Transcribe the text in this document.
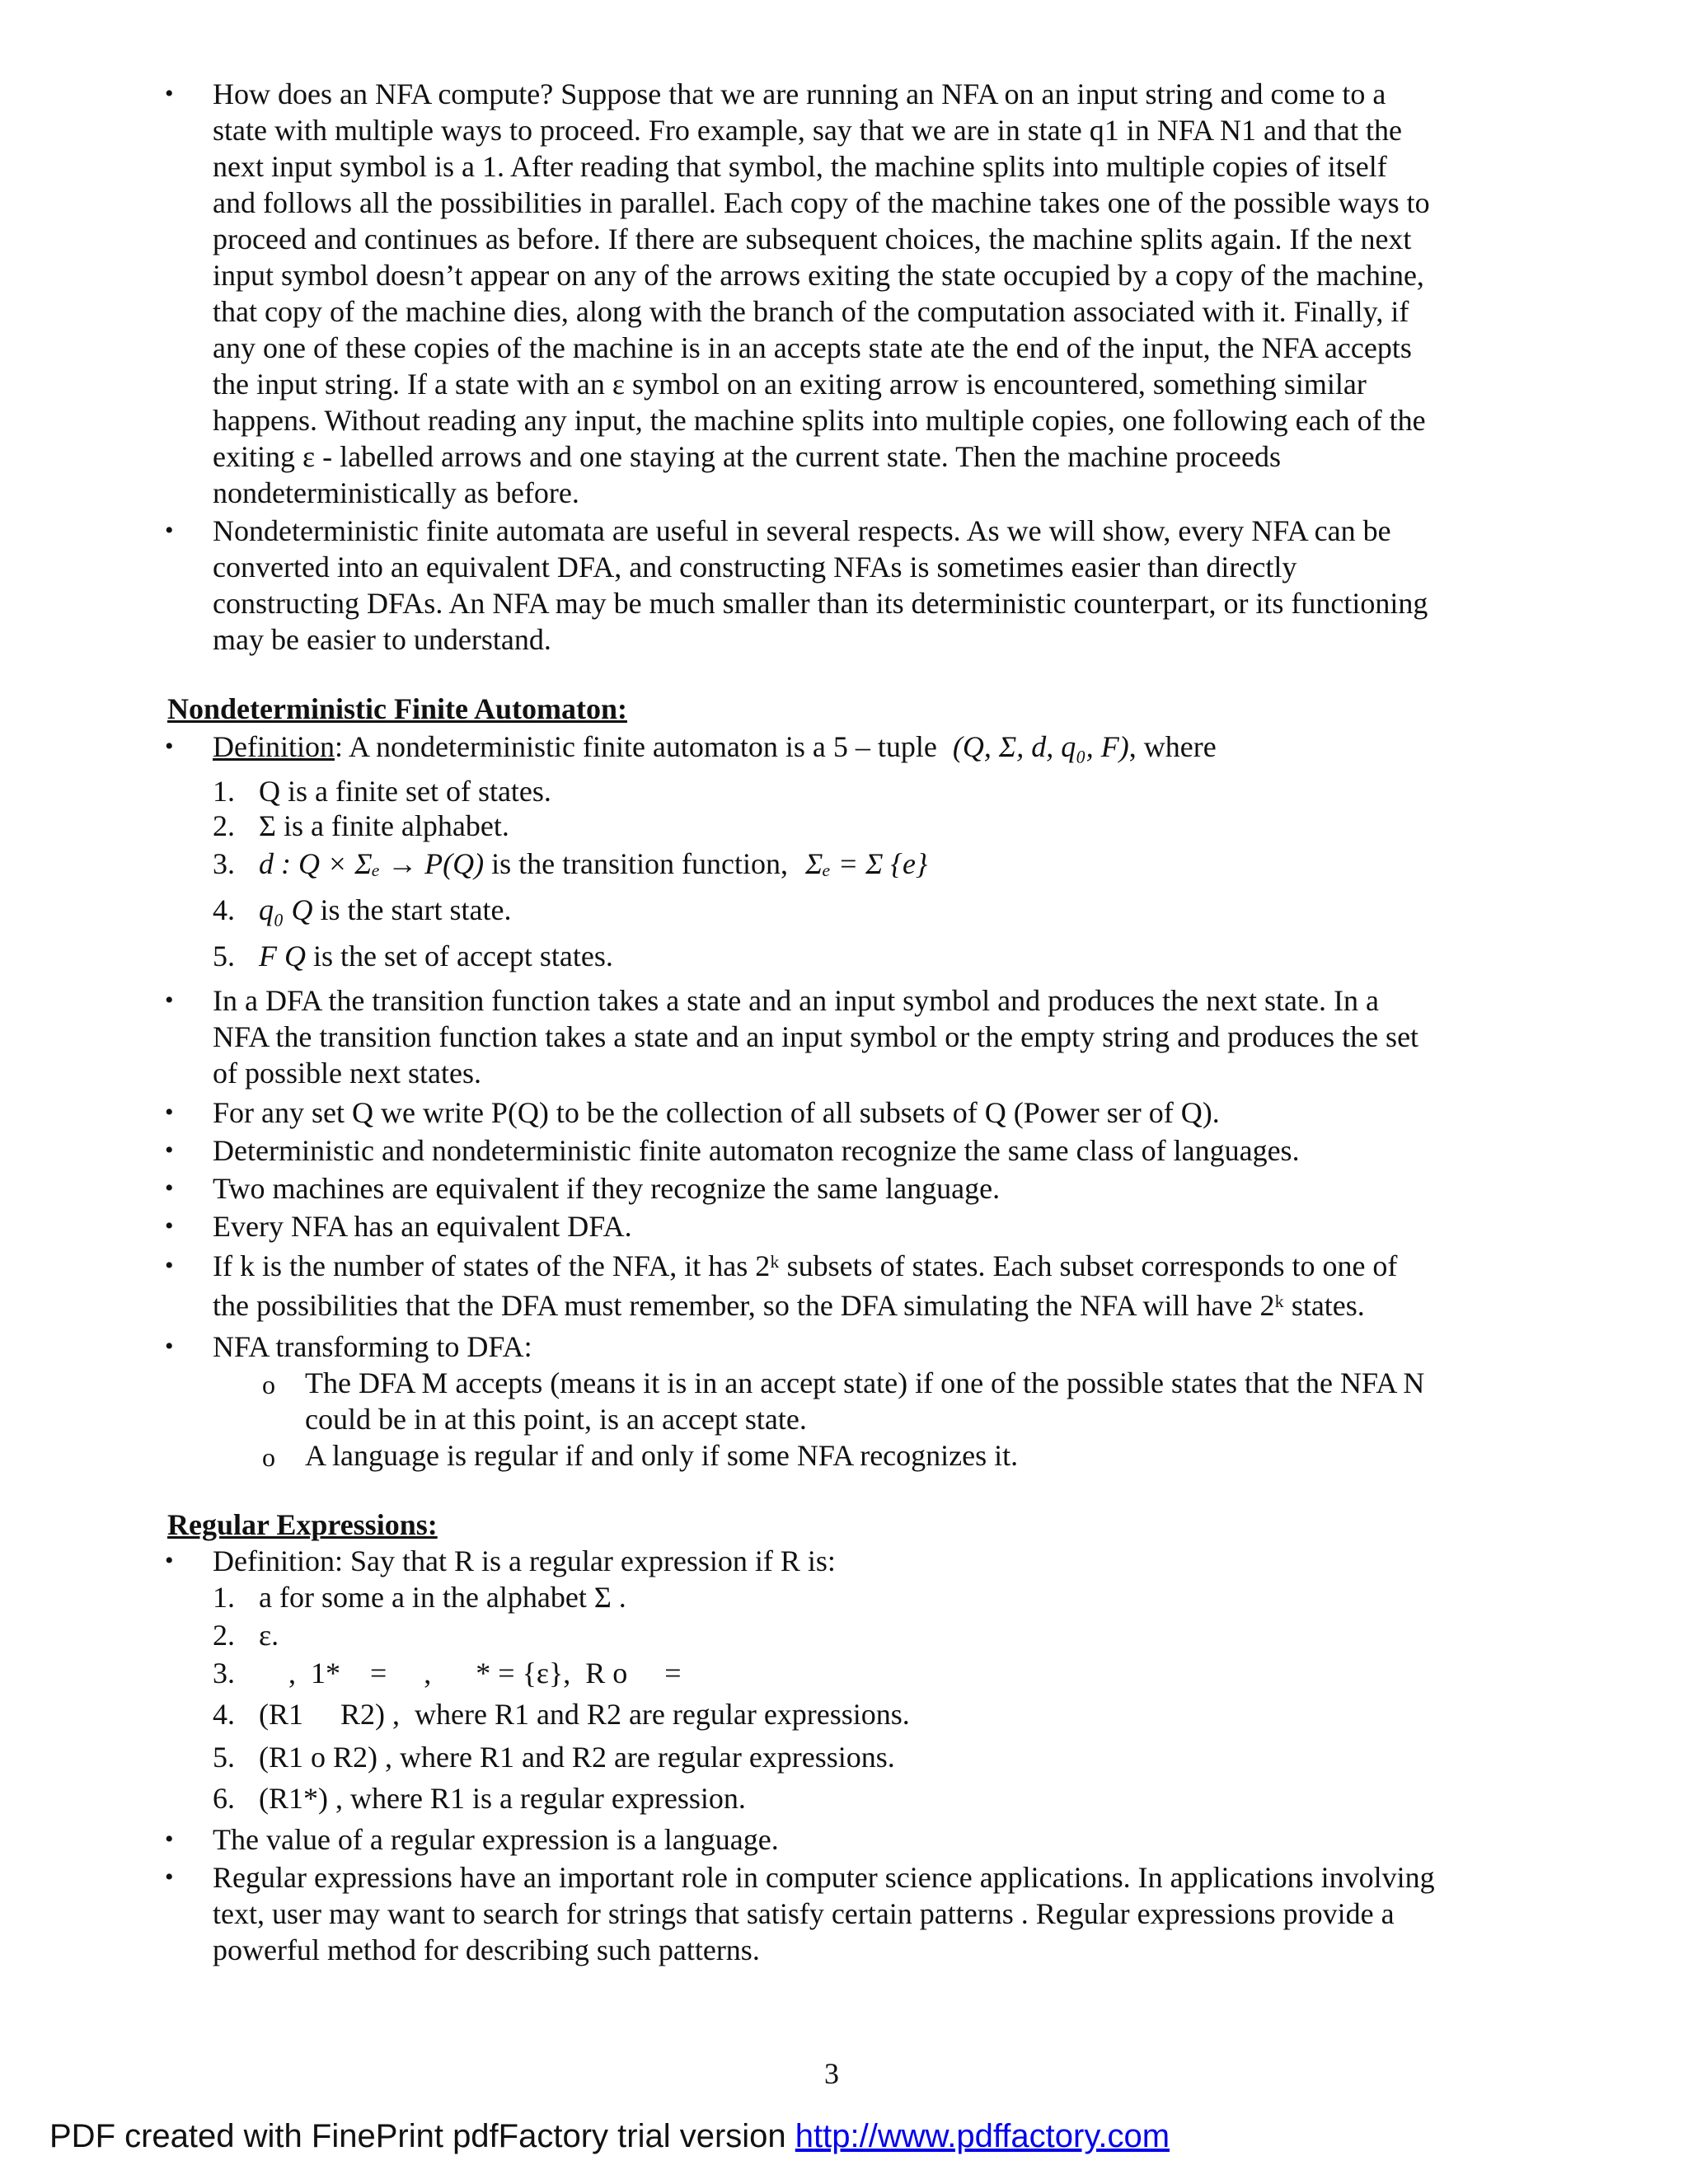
• How does an NFA compute? Suppose that we are running an NFA on an input string and come to a
state with multiple ways to proceed. Fro example, say that we are in state q1 in NFA N1 and that the
next input symbol is a 1. After reading that symbol, the machine splits into multiple copies of itself
and follows all the possibilities in parallel. Each copy of the machine takes one of the possible ways to
proceed and continues as before. If there are subsequent choices, the machine splits again. If the next
input symbol doesn’t appear on any of the arrows exiting the state occupied by a copy of the machine,
that copy of the machine dies, along with the branch of the computation associated with it. Finally, if
any one of these copies of the machine is in an accepts state ate the end of the input, the NFA accepts
the input string. If a state with an ε symbol on an exiting arrow is encountered, something similar
happens. Without reading any input, the machine splits into multiple copies, one following each of the
exiting ε - labelled arrows and one staying at the current state. Then the machine proceeds
nondeterministically as before.
• Nondeterministic finite automata are useful in several respects. As we will show, every NFA can be
converted into an equivalent DFA, and constructing NFAs is sometimes easier than directly
constructing DFAs. An NFA may be much smaller than its deterministic counterpart, or its functioning
may be easier to understand.
Nondeterministic Finite Automaton:
• Definition: A nondeterministic finite automaton is a 5 – tuple (Q, Σ, d, q₀, F), where
1. Q is a finite set of states.
2. Σ is a finite alphabet.
3. d : Q × Σₑ → P(Q) is the transition function, Σₑ = Σ {e}
4. q₀ Q is the start state.
5. F Q is the set of accept states.
• In a DFA the transition function takes a state and an input symbol and produces the next state. In a
NFA the transition function takes a state and an input symbol or the empty string and produces the set
of possible next states.
• For any set Q we write P(Q) to be the collection of all subsets of Q (Power ser of Q).
• Deterministic and nondeterministic finite automaton recognize the same class of languages.
• Two machines are equivalent if they recognize the same language.
• Every NFA has an equivalent DFA.
• If k is the number of states of the NFA, it has 2ᵏ subsets of states. Each subset corresponds to one of
the possibilities that the DFA must remember, so the DFA simulating the NFA will have 2ᵏ states.
• NFA transforming to DFA:
o The DFA M accepts (means it is in an accept state) if one of the possible states that the NFA N
could be in at this point, is an accept state.
o A language is regular if and only if some NFA recognizes it.
Regular Expressions:
• Definition: Say that R is a regular expression if R is:
1. a for some a in the alphabet Σ .
2. ε.
3. ,  1*    =     ,      * = {ε},  R o     =
4. (R1     R2) ,  where R1 and R2 are regular expressions.
5. (R1 o R2) , where R1 and R2 are regular expressions.
6. (R1*) , where R1 is a regular expression.
• The value of a regular expression is a language.
• Regular expressions have an important role in computer science applications. In applications involving
text, user may want to search for strings that satisfy certain patterns . Regular expressions provide a
powerful method for describing such patterns.
3
PDF created with FinePrint pdfFactory trial version http://www.pdffactory.com
